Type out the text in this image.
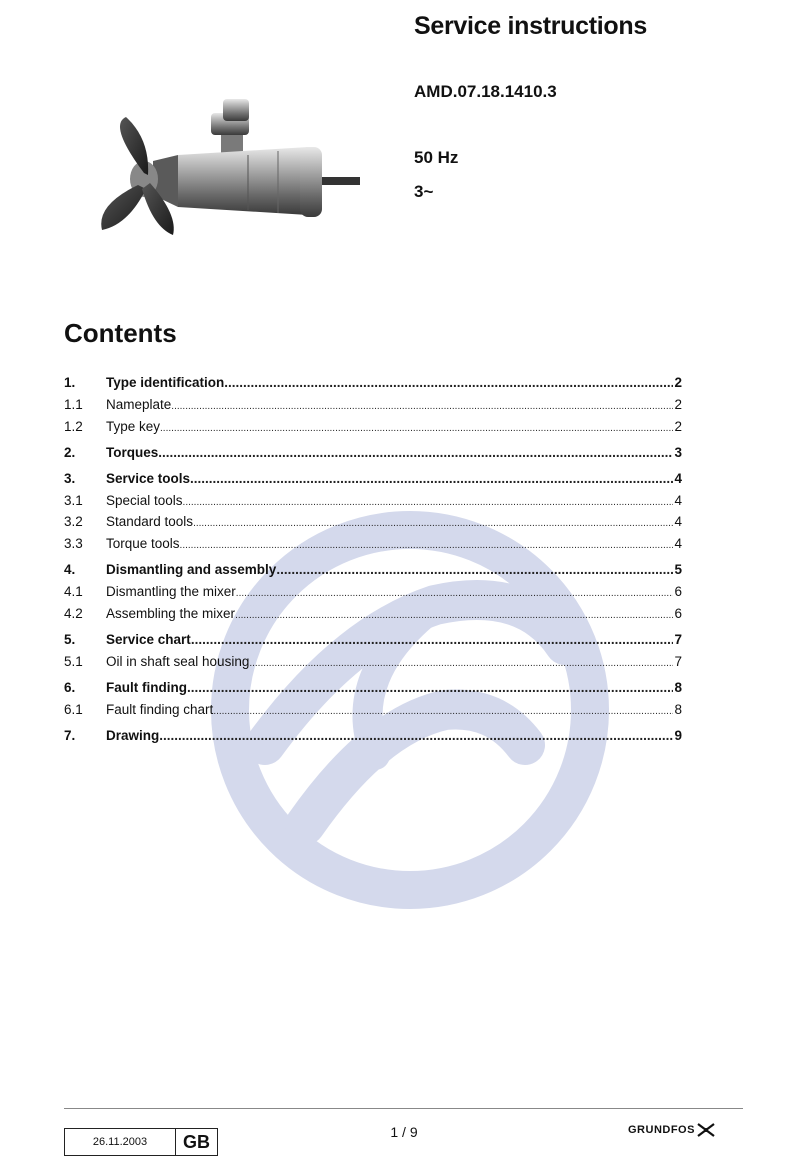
Service instructions
AMD.07.18.1410.3
50 Hz
3~
Contents
1.	Type identification .....	2
1.1	Nameplate .....	2
1.2	Type key .....	2
2.	Torques .....	3
3.	Service tools .....	4
3.1	Special tools .....	4
3.2	Standard tools .....	4
3.3	Torque tools .....	4
4.	Dismantling and assembly .....	5
4.1	Dismantling the mixer .....	6
4.2	Assembling the mixer .....	6
5.	Service chart .....	7
5.1	Oil in shaft seal housing .....	7
6.	Fault finding .....	8
6.1	Fault finding chart .....	8
7.	Drawing .....	9
26.11.2003	GB	1 / 9	GRUNDFOS
